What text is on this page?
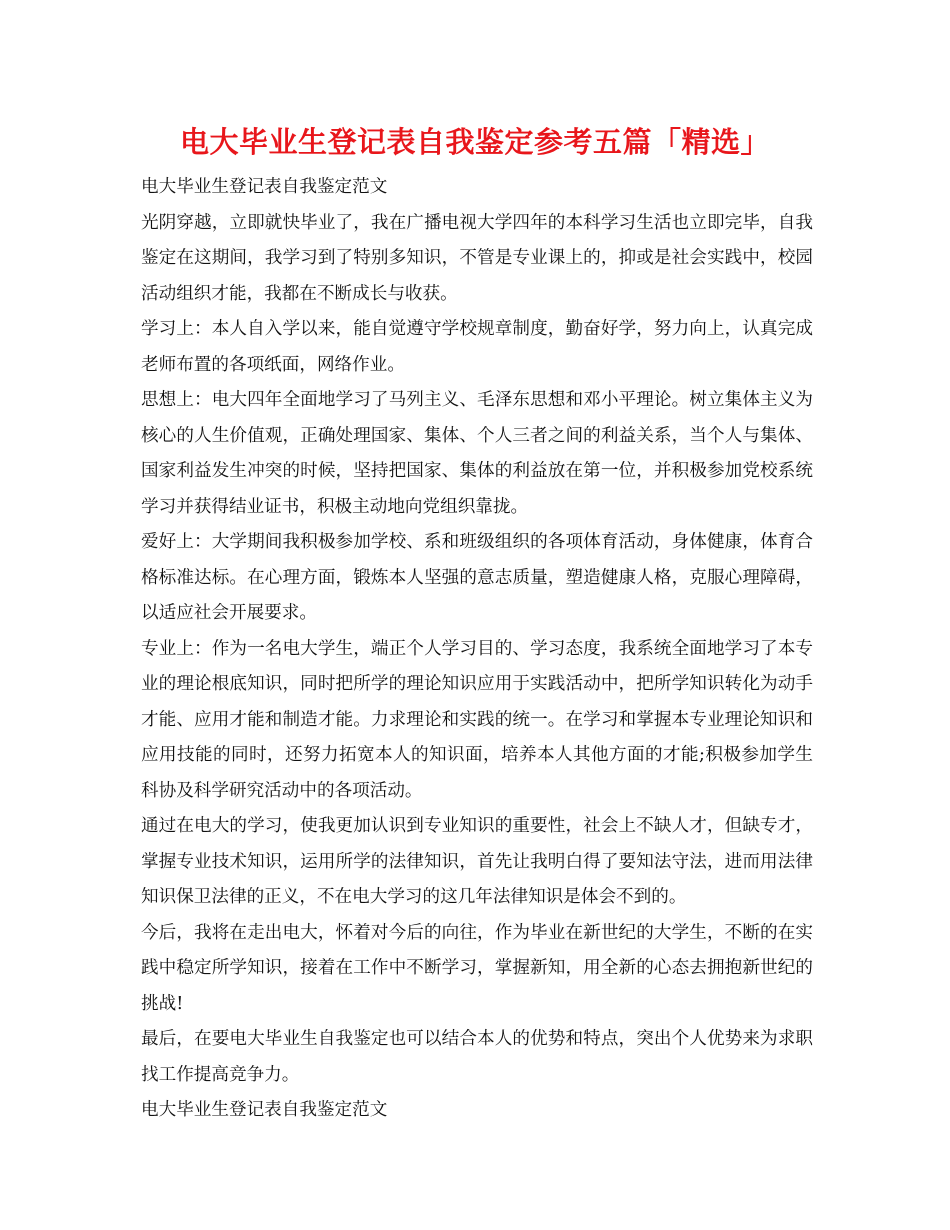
电大毕业生登记表自我鉴定参考五篇「精选」

电大毕业生登记表自我鉴定范文

光阴穿越，立即就快毕业了，我在广播电视大学四年的本科学习生活也立即完毕，自我鉴定在这期间，我学习到了特别多知识，不管是专业课上的，抑或是社会实践中，校园活动组织才能，我都在不断成长与收获。

学习上：本人自入学以来，能自觉遵守学校规章制度，勤奋好学，努力向上，认真完成老师布置的各项纸面，网络作业。

思想上：电大四年全面地学习了马列主义、毛泽东思想和邓小平理论。树立集体主义为核心的人生价值观，正确处理国家、集体、个人三者之间的利益关系，当个人与集体、国家利益发生冲突的时候，坚持把国家、集体的利益放在第一位，并积极参加党校系统学习并获得结业证书，积极主动地向党组织靠拢。

爱好上：大学期间我积极参加学校、系和班级组织的各项体育活动，身体健康，体育合格标准达标。在心理方面，锻炼本人坚强的意志质量，塑造健康人格，克服心理障碍，以适应社会开展要求。

专业上：作为一名电大学生，端正个人学习目的、学习态度，我系统全面地学习了本专业的理论根底知识，同时把所学的理论知识应用于实践活动中，把所学知识转化为动手才能、应用才能和制造才能。力求理论和实践的统一。在学习和掌握本专业理论知识和应用技能的同时，还努力拓宽本人的知识面，培养本人其他方面的才能;积极参加学生科协及科学研究活动中的各项活动。

通过在电大的学习，使我更加认识到专业知识的重要性，社会上不缺人才，但缺专才，掌握专业技术知识，运用所学的法律知识，首先让我明白得了要知法守法，进而用法律知识保卫法律的正义，不在电大学习的这几年法律知识是体会不到的。

今后，我将在走出电大，怀着对今后的向往，作为毕业在新世纪的大学生，不断的在实践中稳定所学知识，接着在工作中不断学习，掌握新知，用全新的心态去拥抱新世纪的挑战!

最后，在要电大毕业生自我鉴定也可以结合本人的优势和特点，突出个人优势来为求职找工作提高竞争力。

电大毕业生登记表自我鉴定范文
